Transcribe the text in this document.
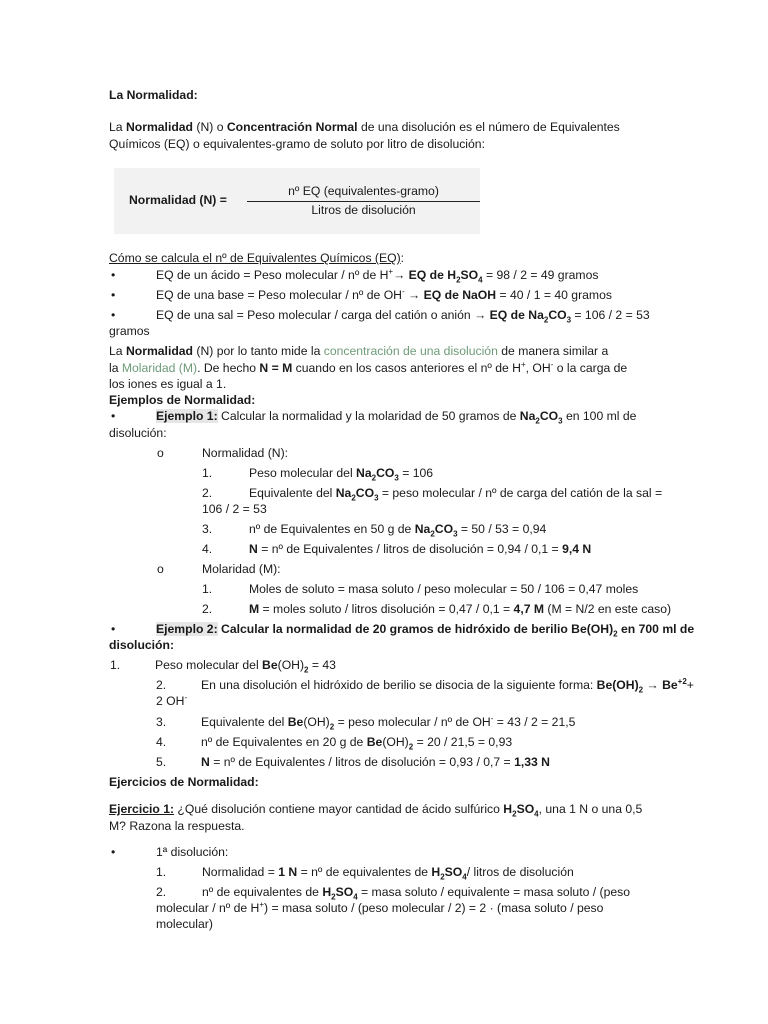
La Normalidad:
La Normalidad (N) o Concentración Normal de una disolución es el número de Equivalentes
Químicos (EQ) o equivalentes-gramo de soluto por litro de disolución:
Normalidad (N) =
nº EQ (equivalentes-gramo)
Litros de disolución
Cómo se calcula el nº de Equivalentes Químicos (EQ):
•	EQ de un ácido = Peso molecular / nº de H+→ EQ de $H_2SO_4 = 98 / 2 = 49$ gramos
•	EQ de una base = Peso molecular / nº de OH- → EQ de NaOH = 40 / 1 = 40 gramos
•	EQ de una sal = Peso molecular / carga del catión o anión → EQ de $Na_2CO_3 = 106 / 2 = 53$
gramos
La Normalidad (N) por lo tanto mide la concentración de una disolución de manera similar a
la Molaridad (M). De hecho N = M cuando en los casos anteriores el nº de H+, OH- o la carga de
los iones es igual a 1.
Ejemplos de Normalidad:
•	Ejemplo 1: Calcular la normalidad y la molaridad de 50 gramos de $Na_2CO_3$ en 100 ml de
disolución:
o	Normalidad (N):
1.	Peso molecular del $Na_2CO_3 = 106$
2.	Equivalente del $Na_2CO_3$ = peso molecular / nº de carga del catión de la sal =
106 / 2 = 53
3.	nº de Equivalentes en 50 g de $Na_2CO_3 = 50 / 53 = 0,94$
4.	N = nº de Equivalentes / litros de disolución = 0,94 / 0,1 = 9,4 N
o	Molaridad (M):
1.	Moles de soluto = masa soluto / peso molecular = 50 / 106 = 0,47 moles
2.	M = moles soluto / litros disolución = 0,47 / 0,1 = 4,7 M (M = N/2 en este caso)
•	Ejemplo 2: Calcular la normalidad de 20 gramos de hidróxido de berilio $Be(OH)_2$ en 700 ml de
disolución:
1.	Peso molecular del $Be(OH)_2 = 43$
2.	En una disolución el hidróxido de berilio se disocia de la siguiente forma: $Be(OH)_2 \to Be^{+2}+$
2 OH-
3.	Equivalente del $Be(OH)_2$ = peso molecular / nº de OH- = 43 / 2 = 21,5
4.	nº de Equivalentes en 20 g de $Be(OH)_2 = 20 / 21,5 = 0,93$
5.	N = nº de Equivalentes / litros de disolución = 0,93 / 0,7 = 1,33 N
Ejercicios de Normalidad:
Ejercicio 1: ¿Qué disolución contiene mayor cantidad de ácido sulfúrico $H_2SO_4$, una 1 N o una 0,5
M? Razona la respuesta.
•	1ª disolución:
1.	Normalidad = 1 N = nº de equivalentes de $H_2SO_4/$ litros de disolución
2.	nº de equivalentes de $H_2SO_4$ = masa soluto / equivalente = masa soluto / (peso
molecular / nº de H+) = masa soluto / (peso molecular / 2) = 2 · (masa soluto / peso
molecular)
